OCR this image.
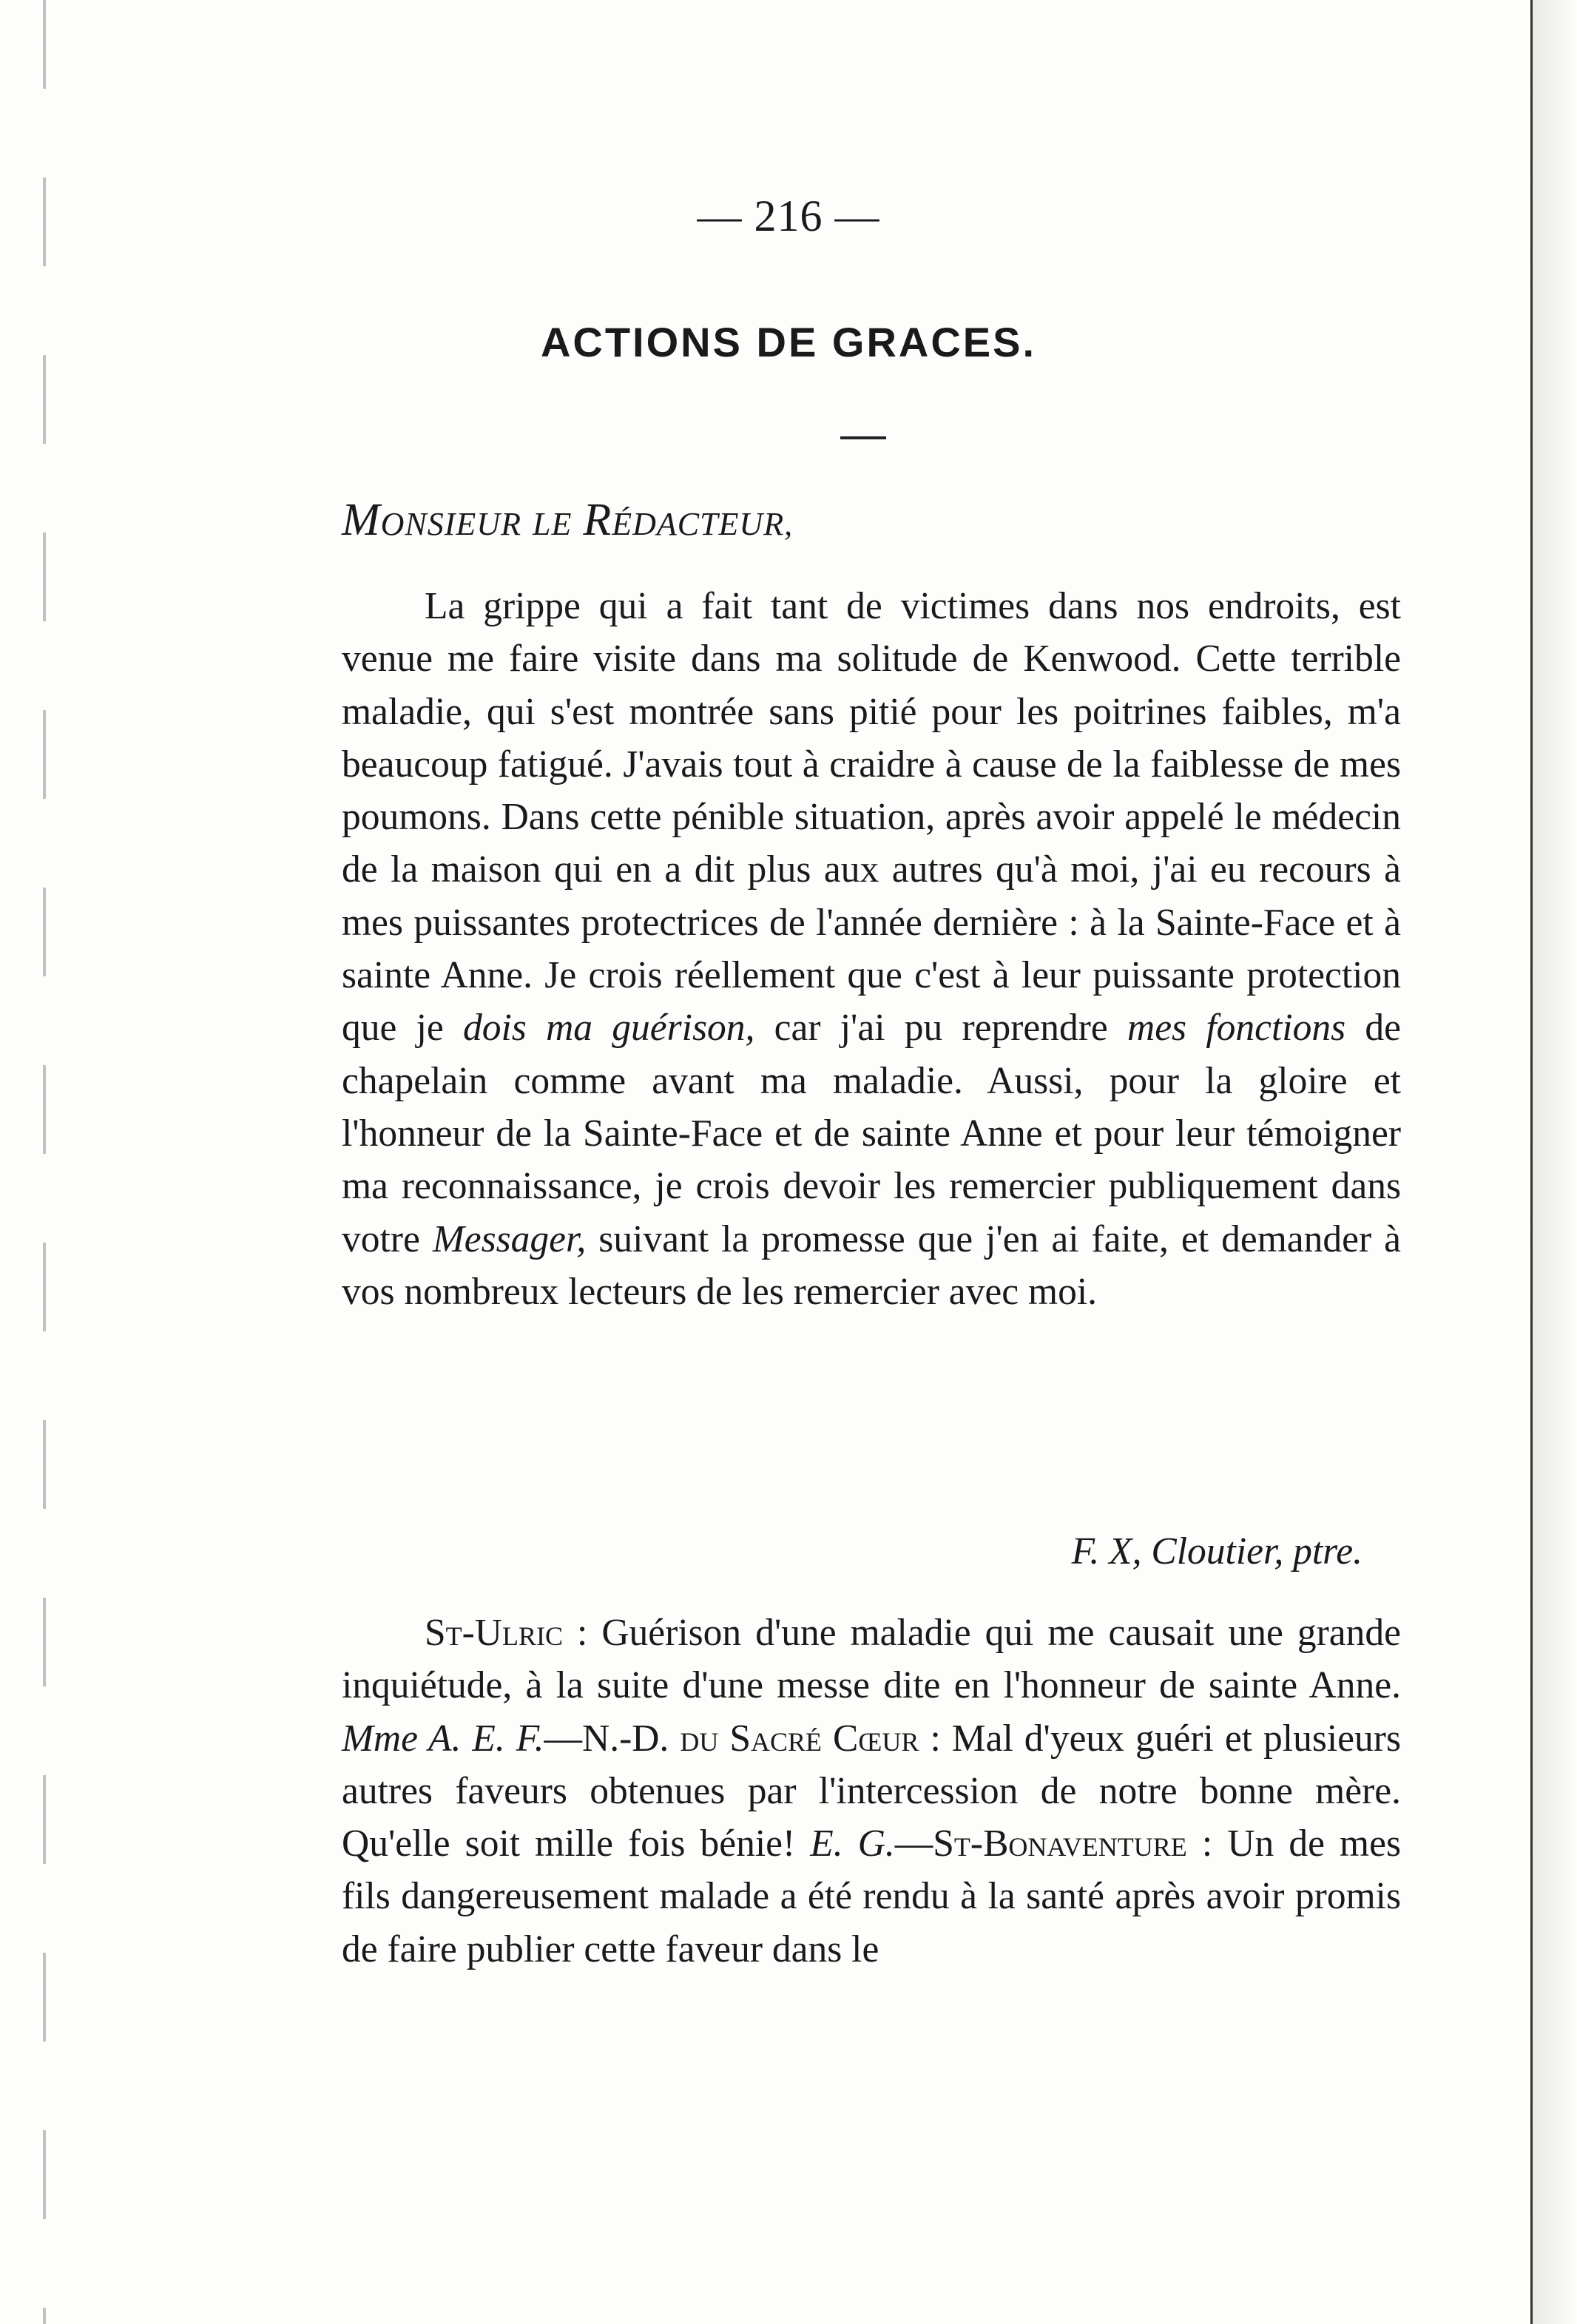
— 216 —
ACTIONS DE GRACES.
MONSIEUR LE RÉDACTEUR,

La grippe qui a fait tant de victimes dans nos endroits, est venue me faire visite dans ma solitude de Kenwood. Cette terrible maladie, qui s'est montrée sans pitié pour les poitrines faibles, m'a beaucoup fatigué. J'avais tout à craidre à cause de la faiblesse de mes poumons. Dans cette pénible situation, après avoir appelé le médecin de la maison qui en a dit plus aux autres qu'à moi, j'ai eu recours à mes puissantes protectrices de l'année dernière : à la Sainte-Face et à sainte Anne. Je crois réellement que c'est à leur puissante protection que je dois ma guérison, car j'ai pu reprendre mes fonctions de chapelain comme avant ma maladie. Aussi, pour la gloire et l'honneur de la Sainte-Face et de sainte Anne et pour leur témoigner ma reconnaissance, je crois devoir les remercier publiquement dans votre Messager, suivant la promesse que j'en ai faite, et demander à vos nombreux lecteurs de les remercier avec moi.

F. X, Cloutier, ptre.

St-Ulric : Guérison d'une maladie qui me causait une grande inquiétude, à la suite d'une messe dite en l'honneur de sainte Anne. Mme A. E. F.—N.-D. du Sacré Cœur : Mal d'yeux guéri et plusieurs autres faveurs obtenues par l'intercession de notre bonne mère. Qu'elle soit mille fois bénie! E. G.—St-Bonaventure : Un de mes fils dangereusement malade a été rendu à la santé après avoir promis de faire publier cette faveur dans le
